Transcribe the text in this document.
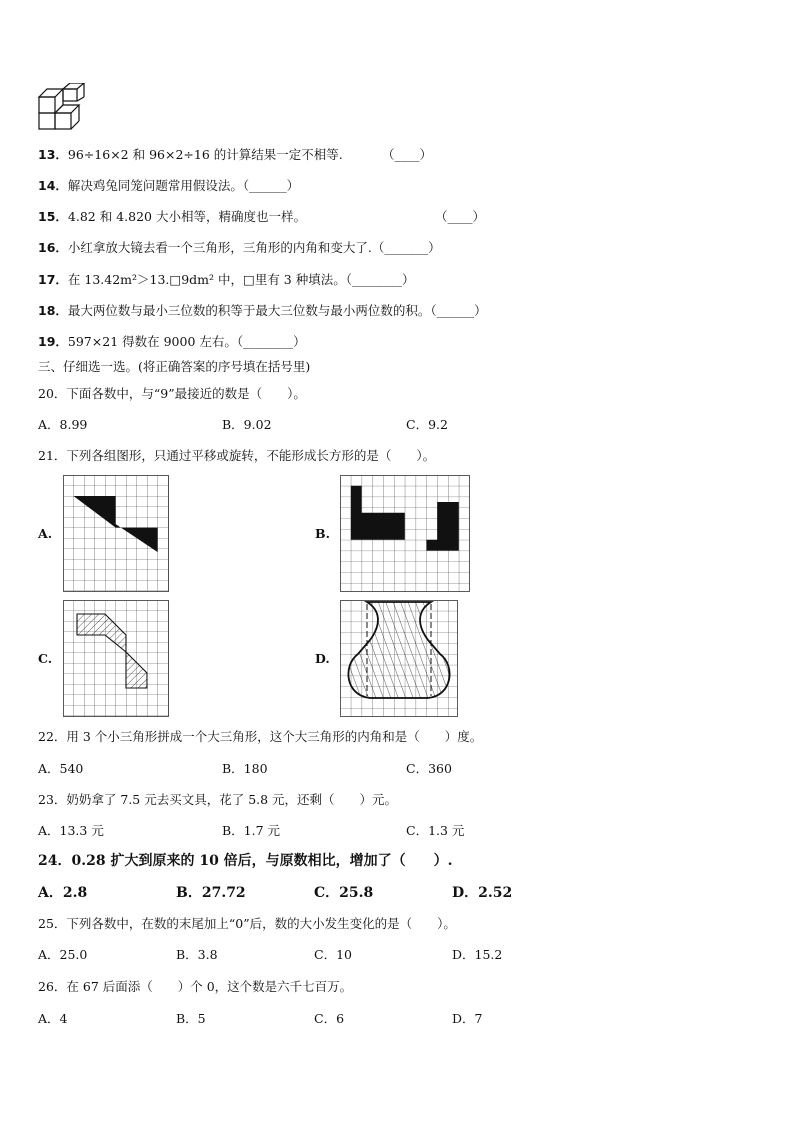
13．96÷16×2 和 96×2÷16 的计算结果一定不相等.	（____）
14．解决鸡兔同笼问题常用假设法。（______）
15．4.82 和 4.820 大小相等，精确度也一样。	（____）
16．小红拿放大镜去看一个三角形，三角形的内角和变大了.（_______）
17．在 13.42m²＞13.□9dm² 中，□里有 3 种填法。（________）
18．最大两位数与最小三位数的积等于最大三位数与最小两位数的积。（______）
19．597×21 得数在 9000 左右。（________）
三、仔细选一选。(将正确答案的序号填在括号里)
20．下面各数中，与“9”最接近的数是（　　）。
A．8.99	B．9.02	C．9.2
21．下列各组图形，只通过平移或旋转，不能形成长方形的是（　　）。
A.	B.
C.	D.
22．用 3 个小三角形拼成一个大三角形，这个大三角形的内角和是（　　）度。
A．540	B．180	C．360
23．奶奶拿了 7.5 元去买文具，花了 5.8 元，还剩（　　）元。
A．13.3 元	B．1.7 元	C．1.3 元
24．0.28 扩大到原来的 10 倍后，与原数相比，增加了（　　）.
A．2.8	B．27.72	C．25.8	D．2.52
25．下列各数中，在数的末尾加上“0”后，数的大小发生变化的是（　　）。
A．25.0	B．3.8	C．10	D．15.2
26．在 67 后面添（　　）个 0，这个数是六千七百万。
A．4	B．5	C．6	D．7
